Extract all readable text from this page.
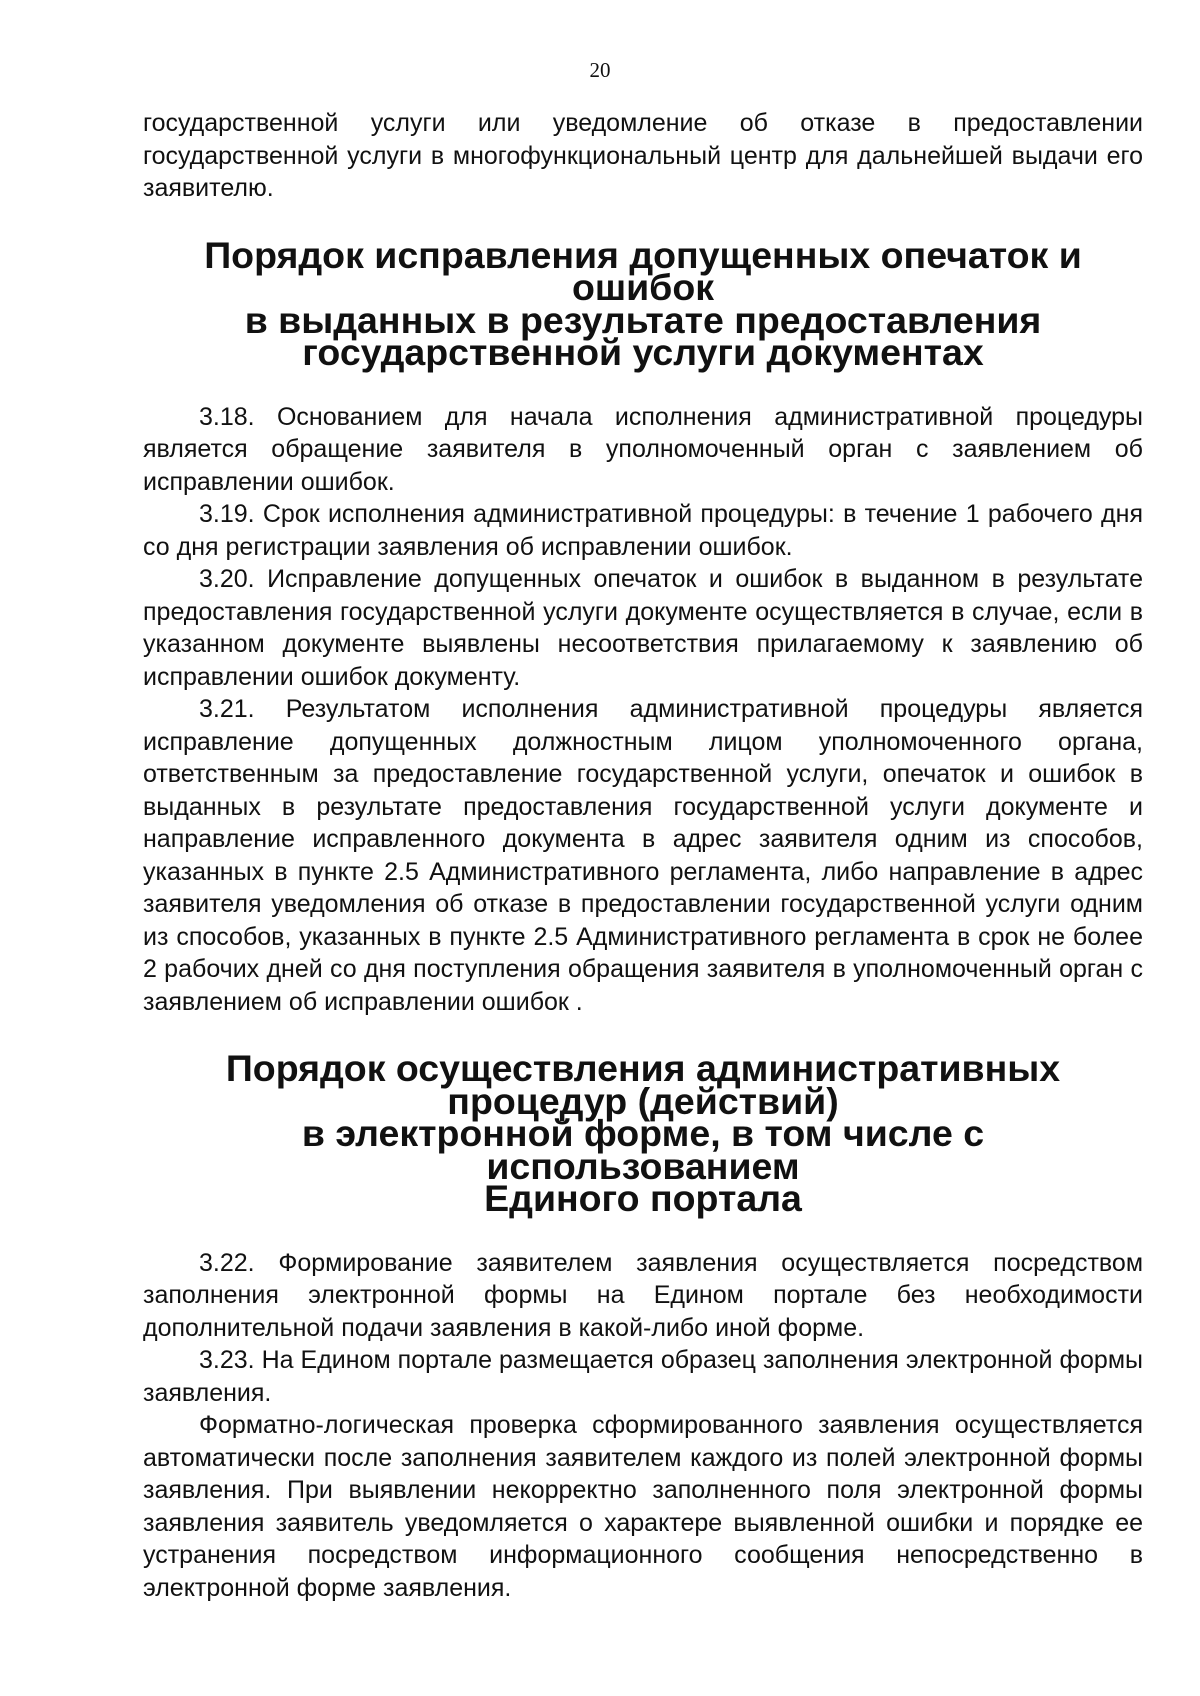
20

государственной услуги или уведомление об отказе в предоставлении государственной услуги в многофункциональный центр для дальнейшей выдачи его заявителю.

Порядок исправления допущенных опечаток и ошибок
в выданных в результате предоставления
государственной услуги документах

3.18. Основанием для начала исполнения административной процедуры является обращение заявителя в уполномоченный орган с заявлением об исправлении ошибок.

3.19. Срок исполнения административной процедуры: в течение 1 рабочего дня со дня регистрации заявления об исправлении ошибок.

3.20. Исправление допущенных опечаток и ошибок в выданном в результате предоставления государственной услуги документе осуществляется в случае, если в указанном документе выявлены несоответствия прилагаемому к заявлению об исправлении ошибок документу.

3.21. Результатом исполнения административной процедуры является исправление допущенных должностным лицом уполномоченного органа, ответственным за предоставление государственной услуги, опечаток и ошибок в выданных в результате предоставления государственной услуги документе и направление исправленного документа в адрес заявителя одним из способов, указанных в пункте 2.5 Административного регламента, либо направление в адрес заявителя уведомления об отказе в предоставлении государственной услуги одним из способов, указанных в пункте 2.5 Административного регламента в срок не более 2 рабочих дней со дня поступления обращения заявителя в уполномоченный орган с заявлением об исправлении ошибок .

Порядок осуществления административных процедур (действий)
в электронной форме, в том числе с использованием
Единого портала

3.22. Формирование заявителем заявления осуществляется посредством заполнения электронной формы на Едином портале без необходимости дополнительной подачи заявления в какой-либо иной форме.

3.23. На Едином портале размещается образец заполнения электронной формы заявления.

Форматно-логическая проверка сформированного заявления осуществляется автоматически после заполнения заявителем каждого из полей электронной формы заявления. При выявлении некорректно заполненного поля электронной формы заявления заявитель уведомляется о характере выявленной ошибки и порядке ее устранения посредством информационного сообщения непосредственно в электронной форме заявления.
